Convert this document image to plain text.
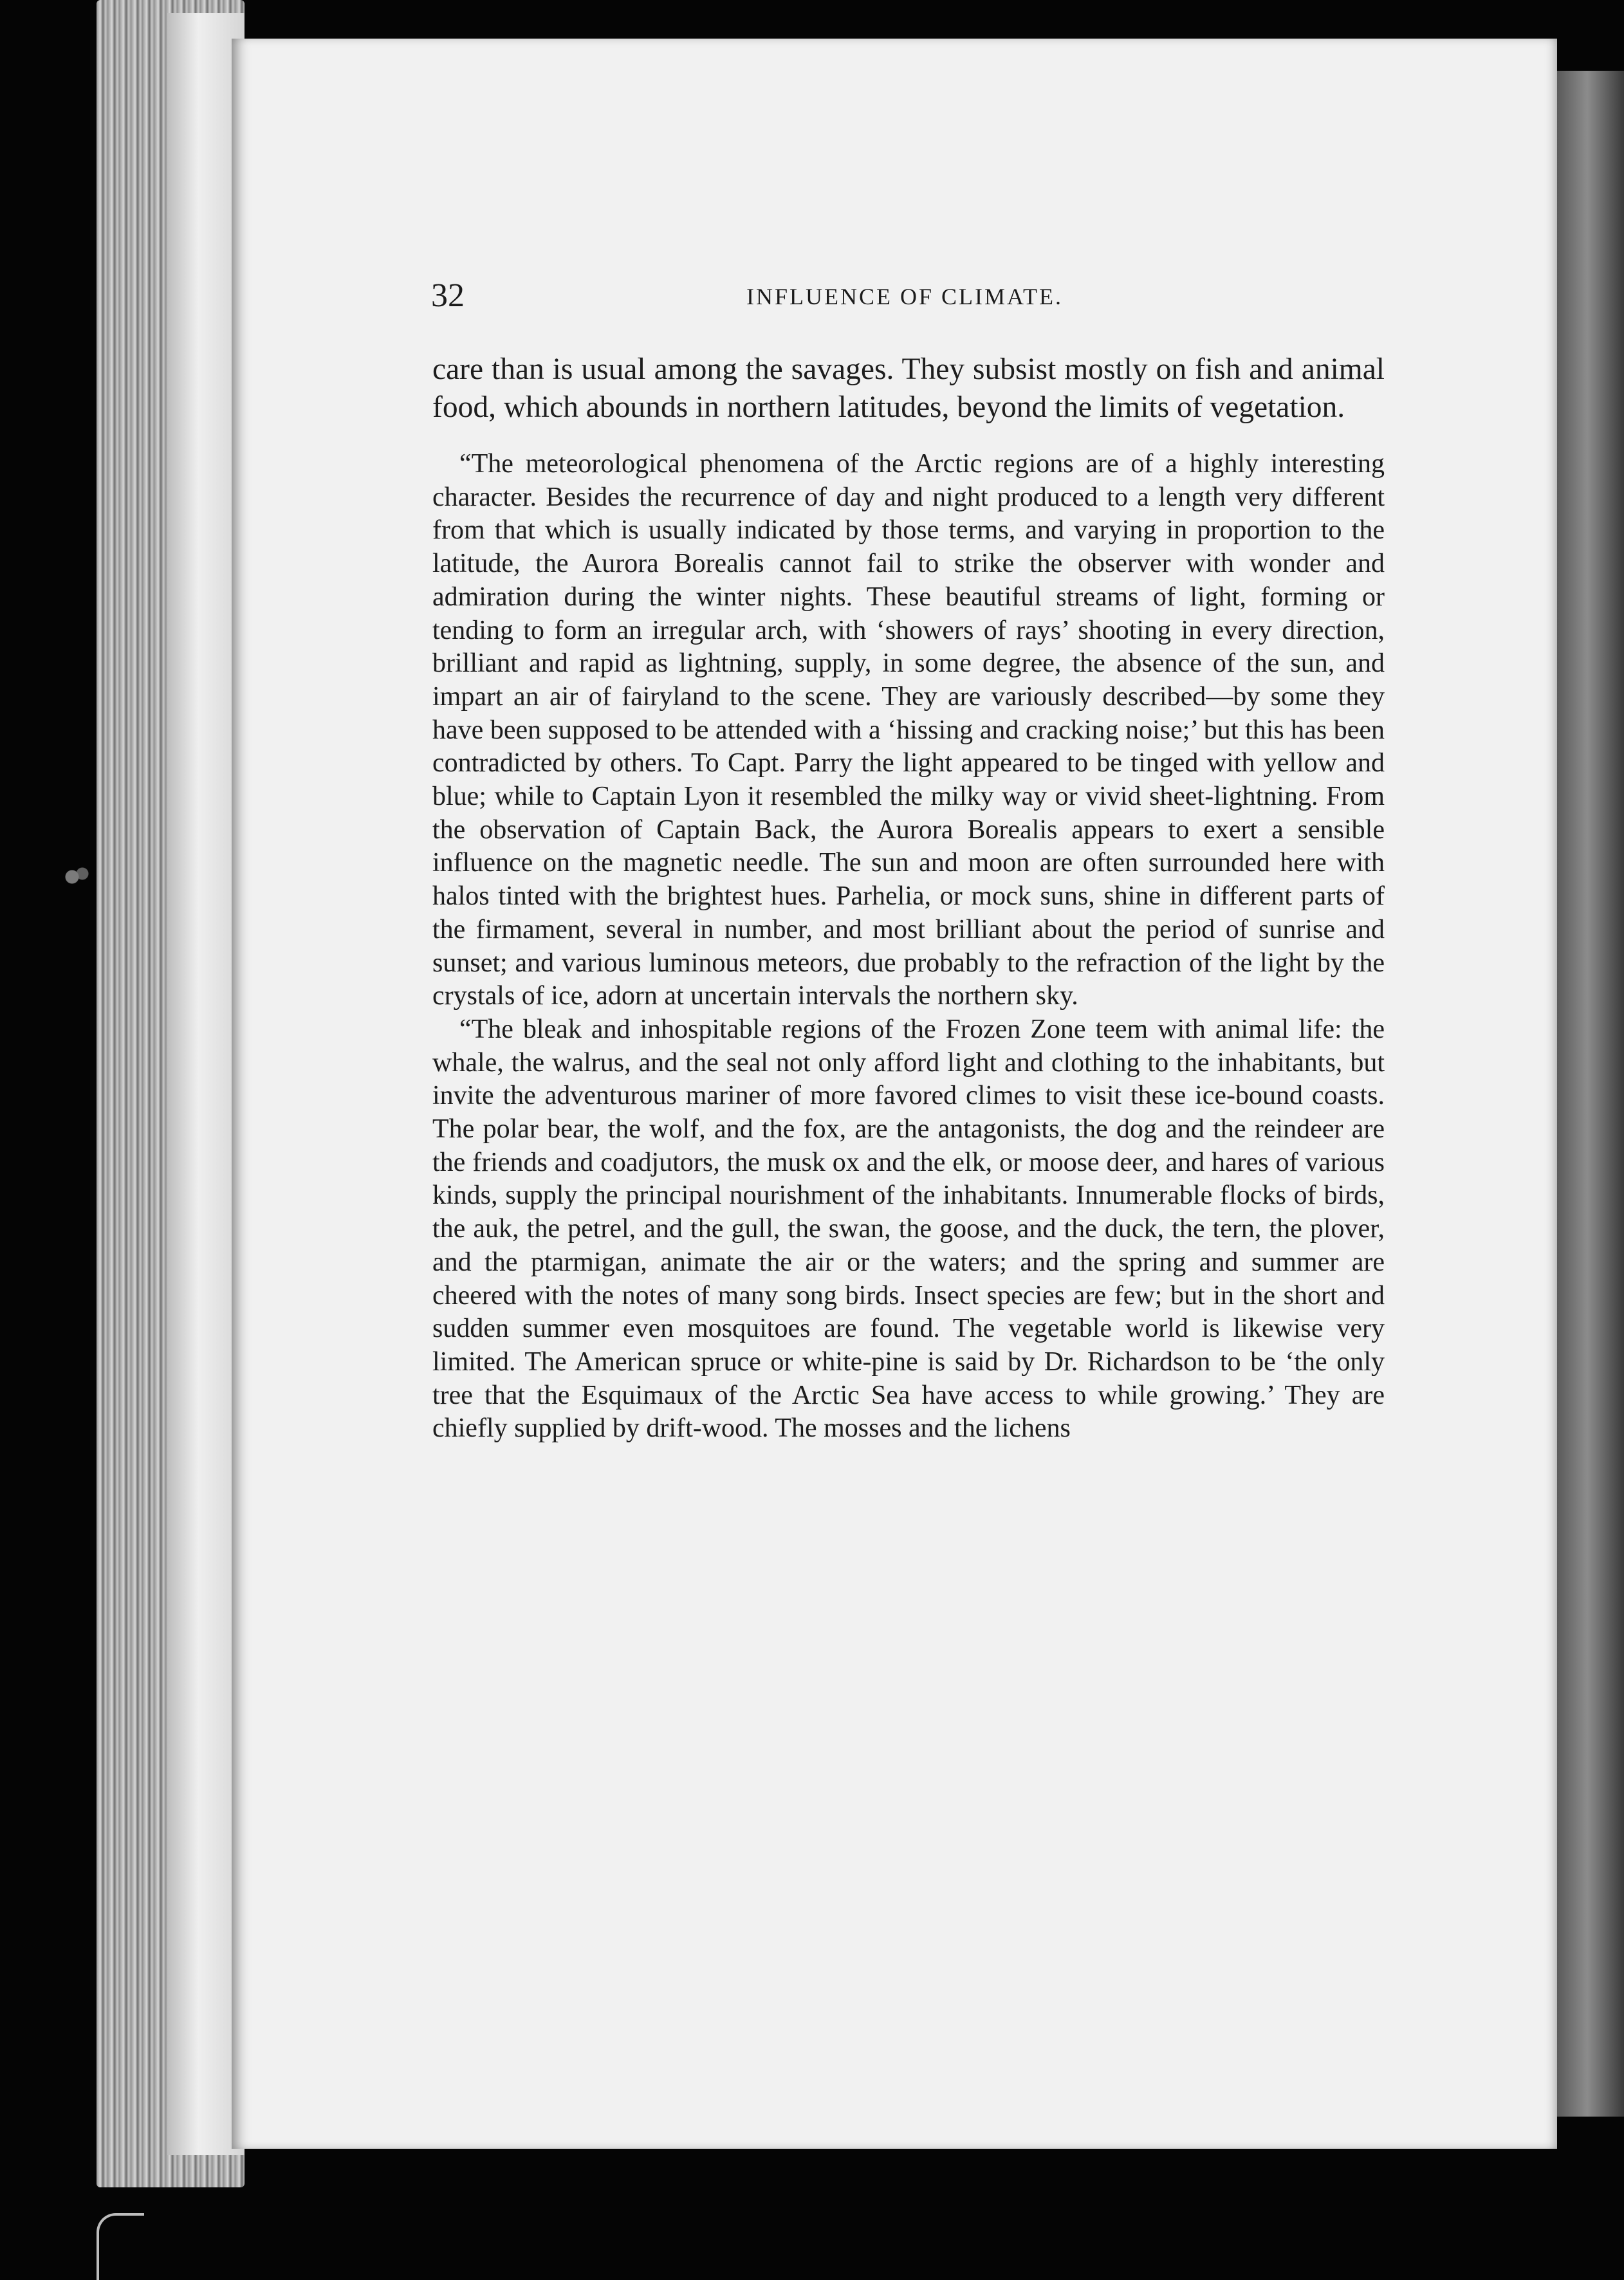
32	INFLUENCE OF CLIMATE.

care than is usual among the savages. They subsist mostly on fish and animal food, which abounds in northern latitudes, beyond the limits of vegetation.

“The meteorological phenomena of the Arctic regions are of a highly interesting character. Besides the recurrence of day and night produced to a length very different from that which is usually indicated by those terms, and varying in proportion to the latitude, the Aurora Borealis cannot fail to strike the observer with wonder and admiration during the winter nights. These beautiful streams of light, forming or tending to form an irregular arch, with ‘showers of rays’ shooting in every direction, brilliant and rapid as lightning, supply, in some degree, the absence of the sun, and impart an air of fairyland to the scene. They are variously described—by some they have been supposed to be attended with a ‘hissing and cracking noise;’ but this has been contradicted by others. To Capt. Parry the light appeared to be tinged with yellow and blue; while to Captain Lyon it resembled the milky way or vivid sheet-lightning. From the observation of Captain Back, the Aurora Borealis appears to exert a sensible influence on the magnetic needle. The sun and moon are often surrounded here with halos tinted with the brightest hues. Parhelia, or mock suns, shine in different parts of the firmament, several in number, and most brilliant about the period of sunrise and sunset; and various luminous meteors, due probably to the refraction of the light by the crystals of ice, adorn at uncertain intervals the northern sky.

“The bleak and inhospitable regions of the Frozen Zone teem with animal life: the whale, the walrus, and the seal not only afford light and clothing to the inhabitants, but invite the adventurous mariner of more favored climes to visit these ice-bound coasts. The polar bear, the wolf, and the fox, are the antagonists, the dog and the reindeer are the friends and coadjutors, the musk ox and the elk, or moose deer, and hares of various kinds, supply the principal nourishment of the inhabitants. Innumerable flocks of birds, the auk, the petrel, and the gull, the swan, the goose, and the duck, the tern, the plover, and the ptarmigan, animate the air or the waters; and the spring and summer are cheered with the notes of many song birds. Insect species are few; but in the short and sudden summer even mosquitoes are found. The vegetable world is likewise very limited. The American spruce or white-pine is said by Dr. Richardson to be ‘the only tree that the Esquimaux of the Arctic Sea have access to while growing.’ They are chiefly supplied by drift-wood. The mosses and the lichens
